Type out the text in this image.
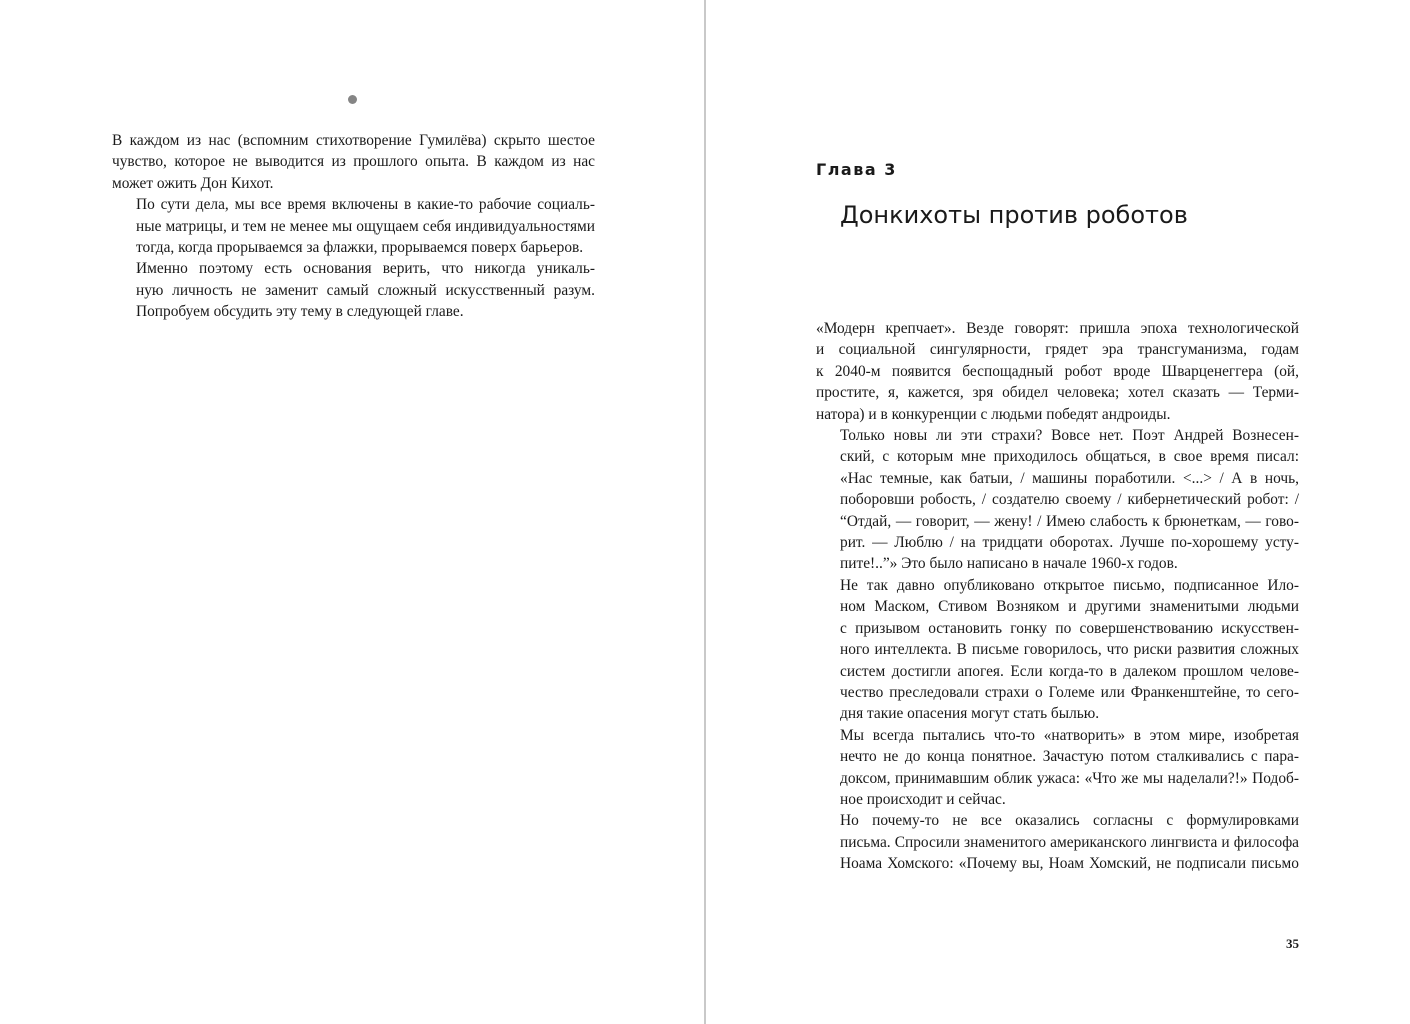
В каждом из нас (вспомним стихотворение Гумилёва) скрыто шестое
чувство, которое не выводится из прошлого опыта. В каждом из нас
может ожить Дон Кихот.

По сути дела, мы все время включены в какие-то рабочие социаль-
ные матрицы, и тем не менее мы ощущаем себя индивидуальностями
тогда, когда прорываемся за флажки, прорываемся поверх барьеров.

Именно поэтому есть основания верить, что никогда уникаль-
ную личность не заменит самый сложный искусственный разум.
Попробуем обсудить эту тему в следующей главе.

Глава 3
Донкихоты против роботов

«Модерн крепчает». Везде говорят: пришла эпоха технологической
и социальной сингулярности, грядет эра трансгуманизма, годам
к 2040-м появится беспощадный робот вроде Шварценеггера (ой,
простите, я, кажется, зря обидел человека; хотел сказать — Терми-
натора) и в конкуренции с людьми победят андроиды.

Только новы ли эти страхи? Вовсе нет. Поэт Андрей Вознесен-
ский, с которым мне приходилось общаться, в свое время писал:
«Нас темные, как батыи, / машины поработили. <...> / А в ночь,
поборовши робость, / создателю своему / кибернетический робот: /
“Отдай, — говорит, — жену! / Имею слабость к брюнеткам, — гово-
рит. — Люблю / на тридцати оборотах. Лучше по-хорошему усту-
пите!..”» Это было написано в начале 1960-х годов.

Не так давно опубликовано открытое письмо, подписанное Ило-
ном Маском, Стивом Возняком и другими знаменитыми людьми
с призывом остановить гонку по совершенствованию искусствен-
ного интеллекта. В письме говорилось, что риски развития сложных
систем достигли апогея. Если когда-то в далеком прошлом челове-
чество преследовали страхи о Големе или Франкенштейне, то сего-
дня такие опасения могут стать былью.

Мы всегда пытались что-то «натворить» в этом мире, изобретая
нечто не до конца понятное. Зачастую потом сталкивались с пара-
доксом, принимавшим облик ужаса: «Что же мы наделали?!» Подоб-
ное происходит и сейчас.

Но почему-то не все оказались согласны с формулировками
письма. Спросили знаменитого американского лингвиста и философа
Ноама Хомского: «Почему вы, Ноам Хомский, не подписали письмо

35
